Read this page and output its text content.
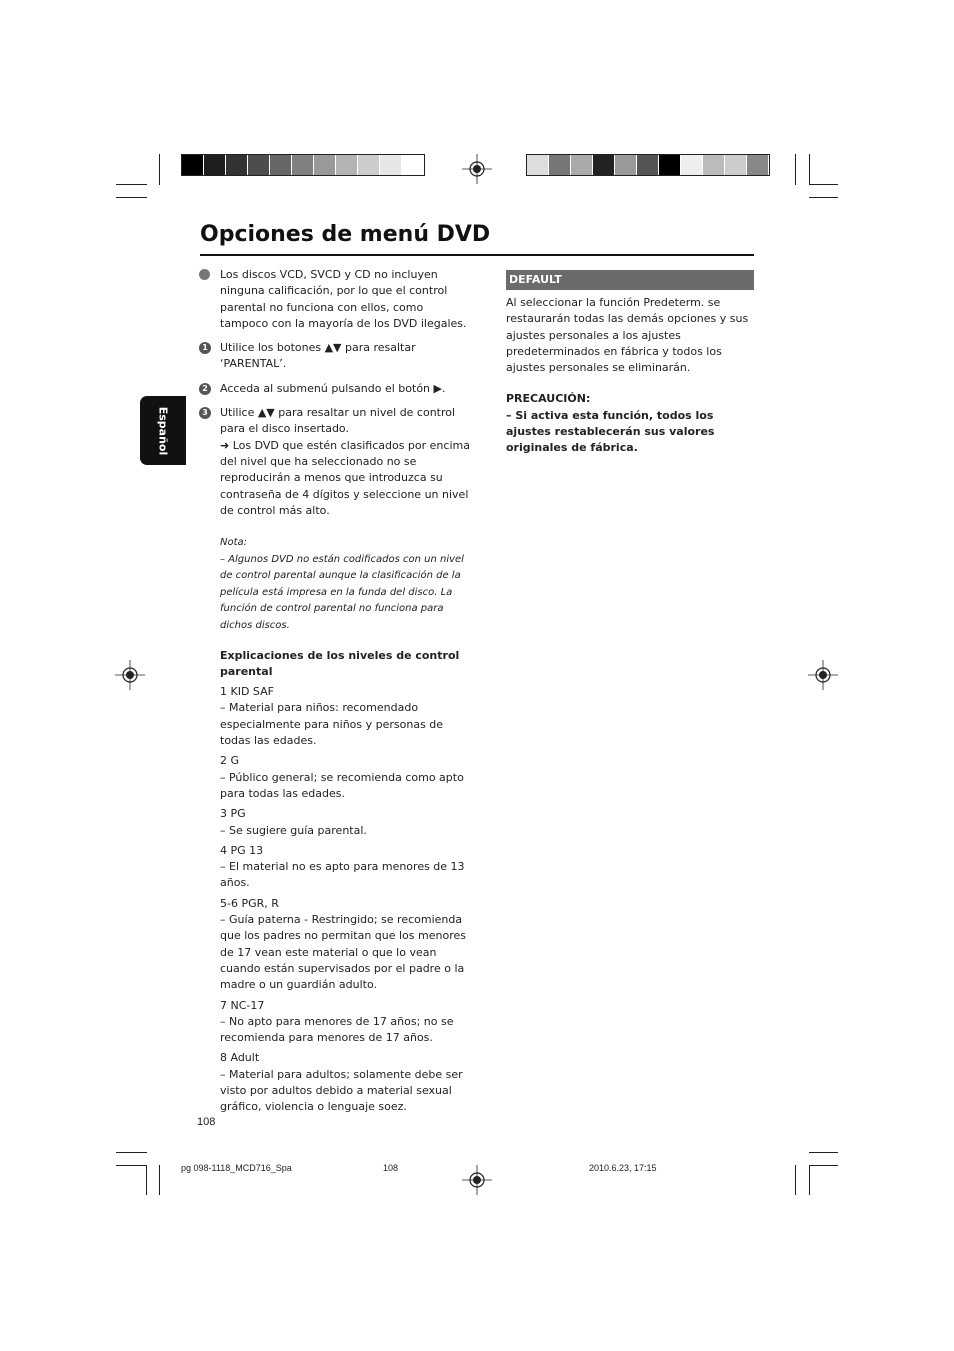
Opciones de menú DVD
Español

Los discos VCD, SVCD y CD no incluyen ninguna calificación, por lo que el control parental no funciona con ellos, como tampoco con la mayoría de los DVD ilegales.

1 Utilice los botones ▲▼ para resaltar ‘PARENTAL’.

2 Acceda al submenú pulsando el botón ▶.

3 Utilice ▲▼ para resaltar un nivel de control para el disco insertado.

➜ Los DVD que estén clasificados por encima del nivel que ha seleccionado no se reproducirán a menos que introduzca su contraseña de 4 dígitos y seleccione un nivel de control más alto.

Nota:

– Algunos DVD no están codificados con un nivel de control parental aunque la clasificación de la película está impresa en la funda del disco. La función de control parental no funciona para dichos discos.

Explicaciones de los niveles de control parental

1 KID SAF

– Material para niños: recomendado especialmente para niños y personas de todas las edades.

2 G

– Público general; se recomienda como apto para todas las edades.

3 PG

– Se sugiere guía parental.

4 PG 13

– El material no es apto para menores de 13 años.

5-6 PGR, R

– Guía paterna - Restringido; se recomienda que los padres no permitan que los menores de 17 vean este material o que lo vean cuando están supervisados por el padre o la madre o un guardián adulto.

7 NC-17

– No apto para menores de 17 años; no se recomienda para menores de 17 años.

8 Adult

– Material para adultos; solamente debe ser visto por adultos debido a material sexual gráfico, violencia o lenguaje soez.

DEFAULT

Al seleccionar la función Predeterm. se restaurarán todas las demás opciones y sus ajustes personales a los ajustes predeterminados en fábrica y todos los ajustes personales se eliminarán.

PRECAUCIÓN:

– Si activa esta función, todos los ajustes restablecerán sus valores originales de fábrica.

108
pg 098-1118_MCD716_Spa	108	2010.6.23, 17:15
